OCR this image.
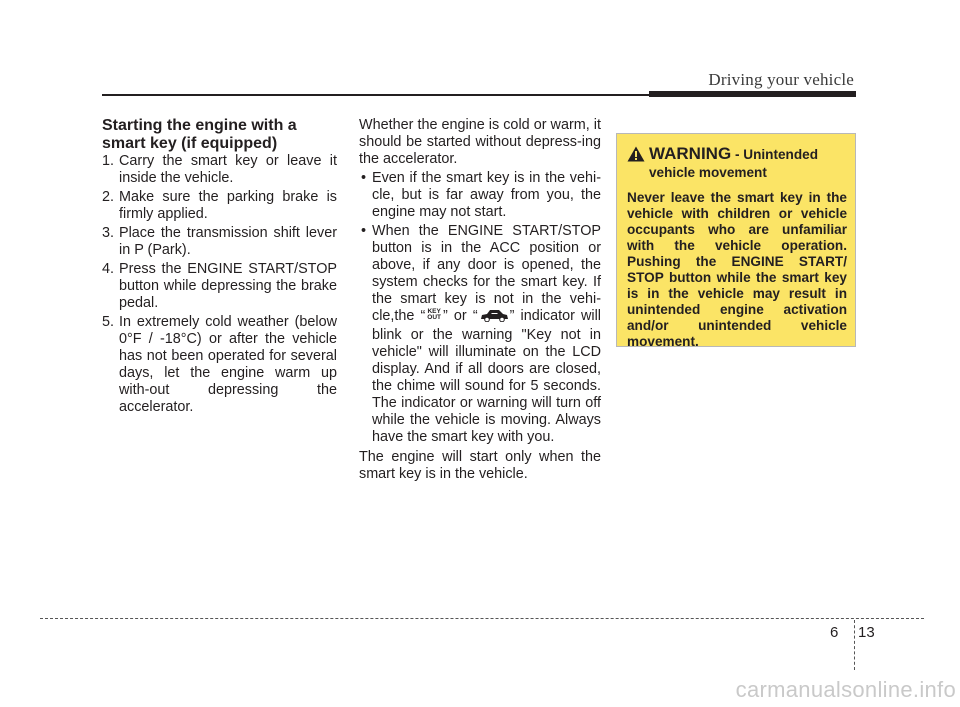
Driving your vehicle

Starting the engine with a smart key (if equipped)

1. Carry the smart key or leave it inside the vehicle.
2. Make sure the parking brake is firmly applied.
3. Place the transmission shift lever in P (Park).
4. Press the ENGINE START/STOP button while depressing the brake pedal.
5. In extremely cold weather (below 0°F / -18°C) or after the vehicle has not been operated for several days, let the engine warm up with-out depressing the accelerator.

Whether the engine is cold or warm, it should be started without depress-ing the accelerator.

• Even if the smart key is in the vehi-cle, but is far away from you, the engine may not start.
• When the ENGINE START/STOP button is in the ACC position or above, if any door is opened, the system checks for the smart key. If the smart key is not in the vehi-cle,the “ KEY
OUT ” or “ ” indicator will blink or the warning "Key not in vehicle" will illuminate on the LCD display. And if all doors are closed, the chime will sound for 5 seconds. The indicator or warning will turn off while the vehicle is moving. Always have the smart key with you.

The engine will start only when the smart key is in the vehicle.

WARNING - Unintended
vehicle movement

Never leave the smart key in the vehicle with children or vehicle occupants who are unfamiliar with the vehicle operation. Pushing the ENGINE START/ STOP button while the smart key is in the vehicle may result in unintended engine activation and/or unintended vehicle movement.

6 13
carmanualsonline.info
